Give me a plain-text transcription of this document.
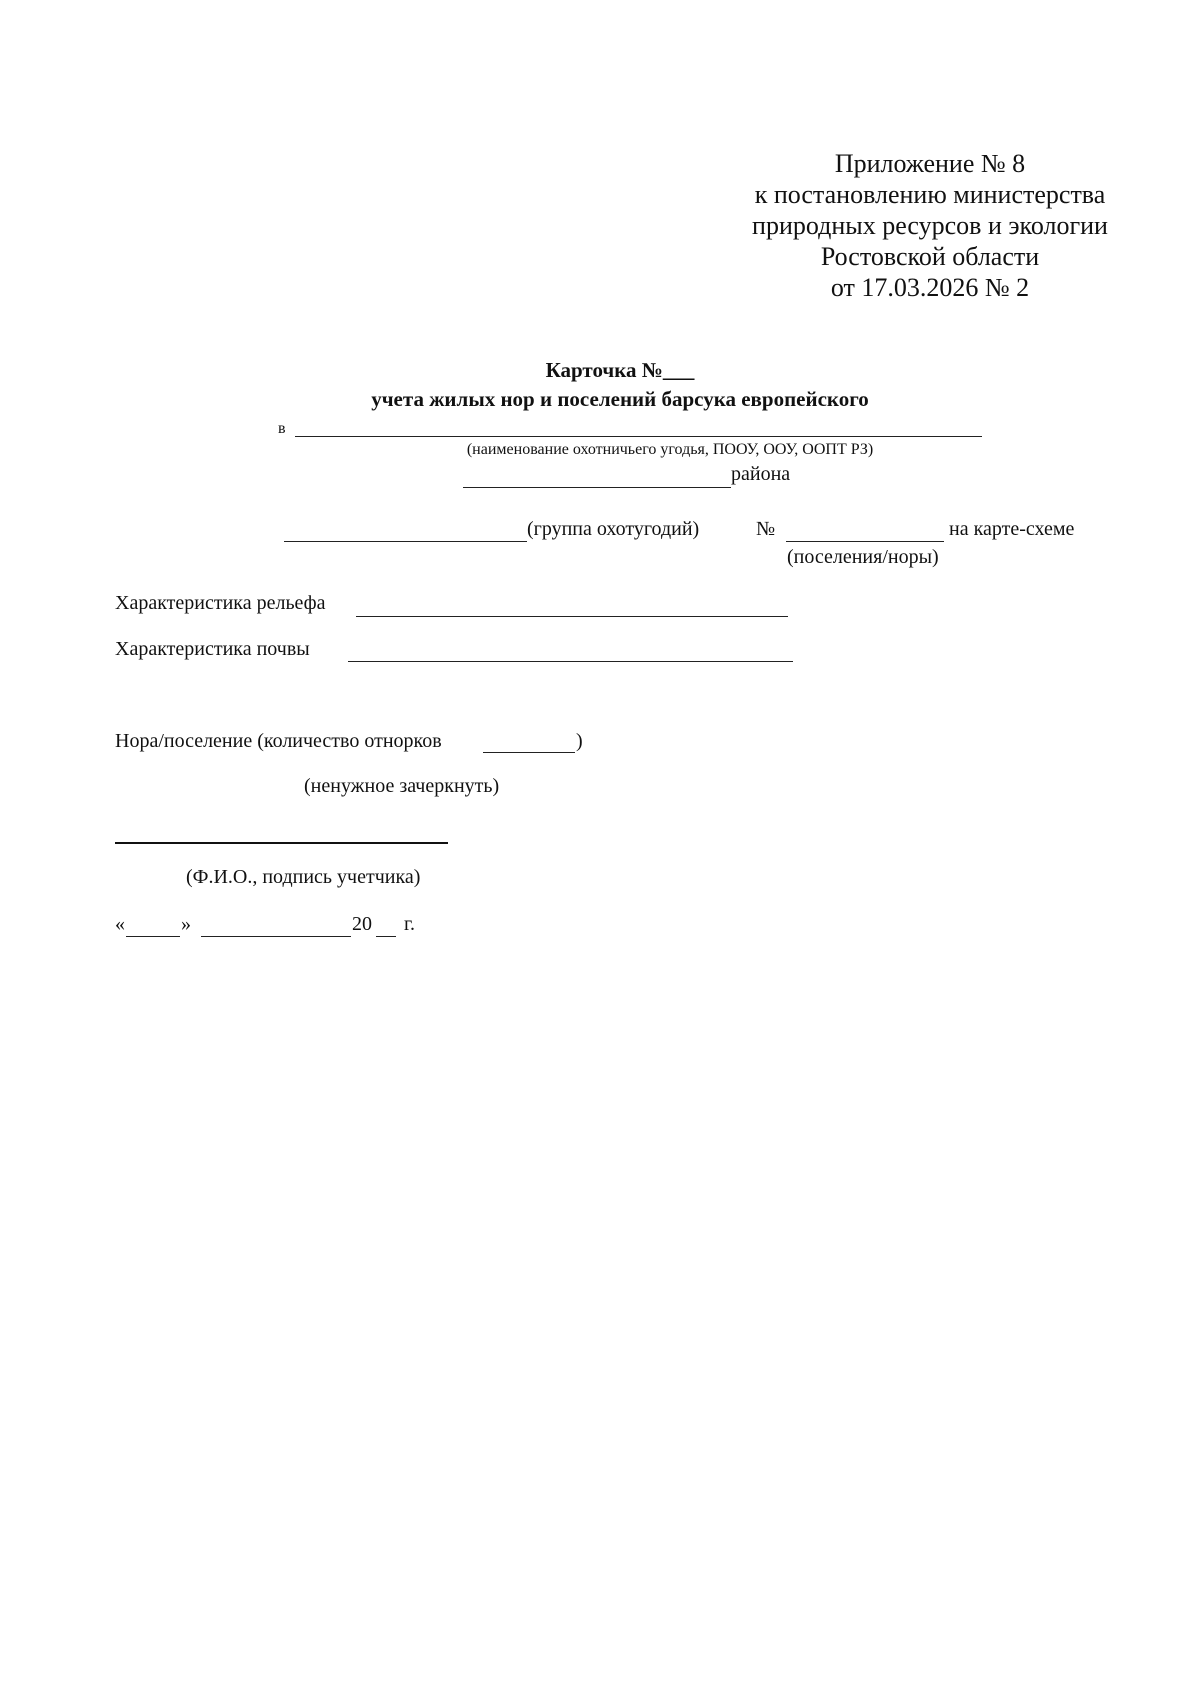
Приложение № 8
к постановлению министерства
природных ресурсов и экологии
Ростовской области
от 17.03.2026 № 2
Карточка №___
учета жилых нор и поселений барсука европейского
в
(наименование охотничьего угодья, ПООУ, ООУ, ООПТ РЗ)
района
(группа охотугодий)	№	на карте-схеме
(поселения/норы)
Характеристика рельефа
Характеристика почвы
Нора/поселение (количество отнорков	)
(ненужное зачеркнуть)
(Ф.И.О., подпись учетчика)
«	»	20 г.
